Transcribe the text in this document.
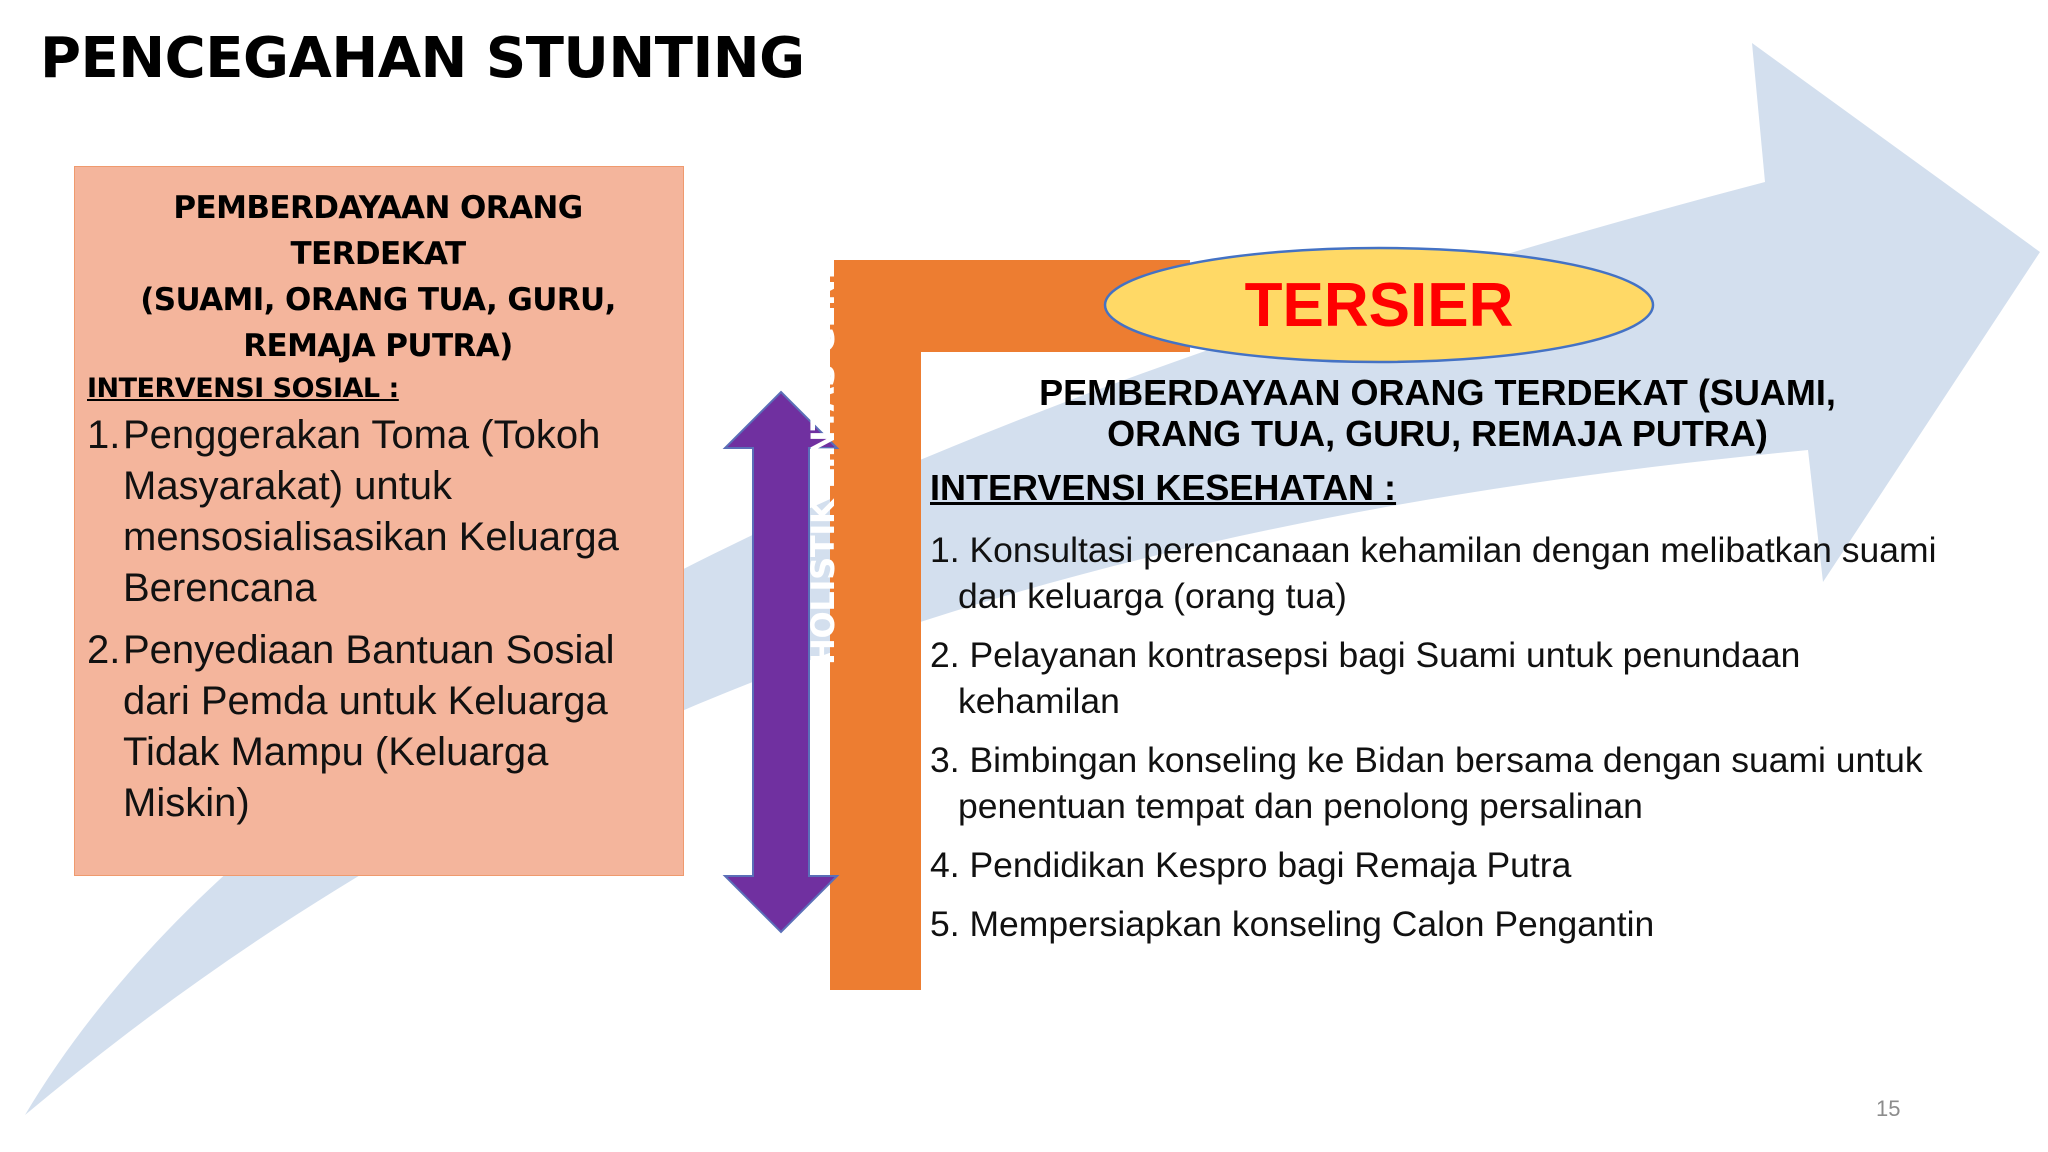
PENCEGAHAN STUNTING
PEMBERDAYAAN ORANG TERDEKAT
(SUAMI, ORANG TUA, GURU,
REMAJA PUTRA)
INTERVENSI SOSIAL :
1. Penggerakan Toma (Tokoh Masyarakat) untuk mensosialisasikan Keluarga Berencana
2. Penyediaan Bantuan Sosial dari Pemda untuk Keluarga Tidak Mampu (Keluarga Miskin)
HOLISTIK LINTAS GENERASI	TERSIER
PEMBERDAYAAN ORANG TERDEKAT (SUAMI,
ORANG TUA, GURU, REMAJA PUTRA)
INTERVENSI KESEHATAN :
1. Konsultasi perencanaan kehamilan dengan melibatkan suami dan keluarga (orang tua)
2. Pelayanan kontrasepsi bagi Suami untuk penundaan kehamilan
3. Bimbingan konseling ke Bidan bersama dengan suami untuk penentuan tempat dan penolong persalinan
4. Pendidikan Kespro bagi Remaja Putra
5. Mempersiapkan konseling Calon Pengantin
15
